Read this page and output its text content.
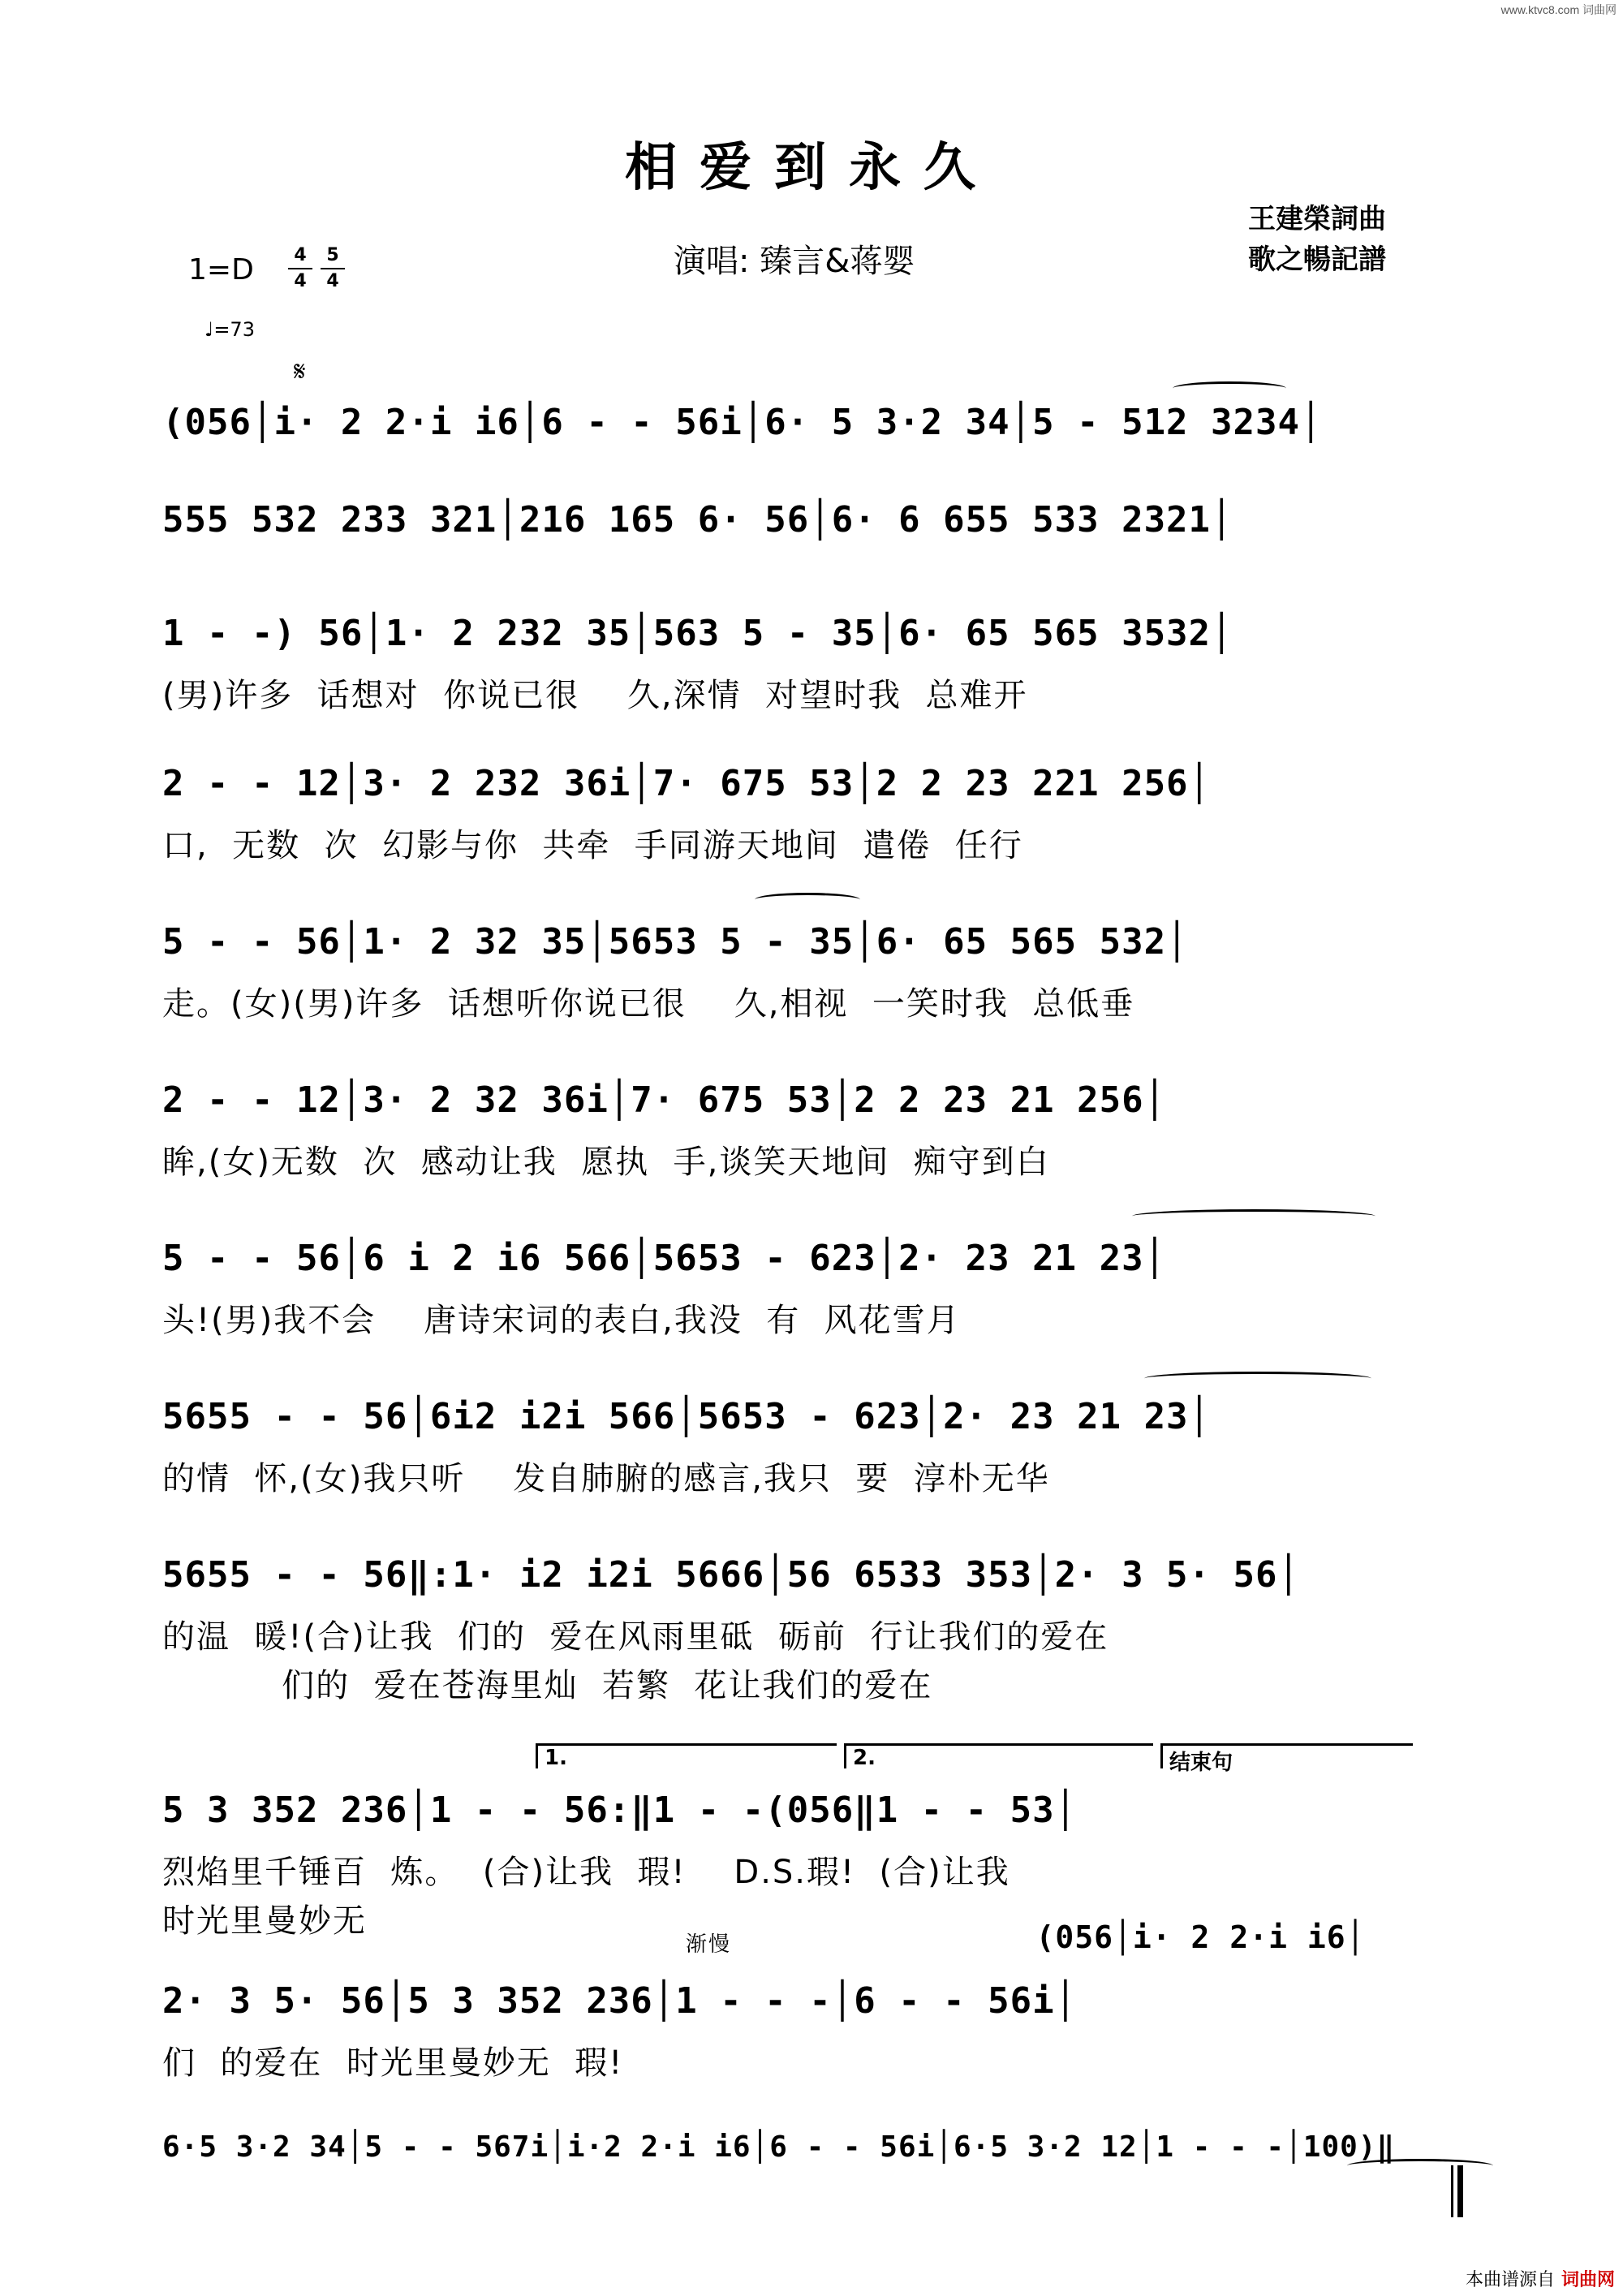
www.ktvc8.com 词曲网
相爱到永久
演唱: 臻言&蒋婴
王建榮詞曲
歌之暢記譜
$1=D \frac{4}{4} \frac{5}{4}$
♩=73
𝄋
(056│i· 2 2·i i6│6 - - 56i│6· 5 3·2 34│5 - 512 3234│
555 532 233 321│216 165 6· 56│6· 6 655 533 2321│
1 - -) 56│1· 2 232 35│563 5 - 35│6· 65 565 3532│
(男)许多  话想对  你说已很    久,深情  对望时我  总难开
2 - - 12│3· 2 232 36i│7· 675 53│2 2 23 221 256│
口,  无数  次  幻影与你  共牵  手同游天地间  遣倦  任行
5 - - 56│1· 2 32 35│5653 5 - 35│6· 65 565 532│
走。(女)(男)许多  话想听你说已很    久,相视  一笑时我  总低垂
2 - - 12│3· 2 32 36i│7· 675 53│2 2 23 21 256│
眸,(女)无数  次  感动让我  愿执  手,谈笑天地间  痴守到白
5 - - 56│6 i 2 i6 566│5653 - 623│2· 23 21 23│
头!(男)我不会    唐诗宋词的表白,我没  有  风花雪月
5655 - - 56│6i2 i2i 566│5653 - 623│2· 23 21 23│
的情  怀,(女)我只听    发自肺腑的感言,我只  要  淳朴无华
5655 - - 56‖:1· i2 i2i 5666│56 6533 353│2· 3 5· 56│
的温  暖!(合)让我  们的  爱在风雨里砥  砺前  行让我们的爱在
们的  爱在苍海里灿  若繁  花让我们的爱在
5 3 352 236│1 - - 56:‖1 - -(056‖1 - - 53│
烈焰里千锤百  炼。  (合)让我  瑕!    D.S.瑕!  (合)让我
时光里曼妙无	(056│i· 2 2·i i6│
渐慢
2· 3 5· 56│5 3 352 236│1 - - -│6 - - 56i│
们  的爱在  时光里曼妙无  瑕!
6·5 3·2 34│5 - - 567i│i·2 2·i i6│6 - - 56i│6·5 3·2 12│1 - - -│100)‖
1.	2.	结束句
本曲谱源自 词曲网
